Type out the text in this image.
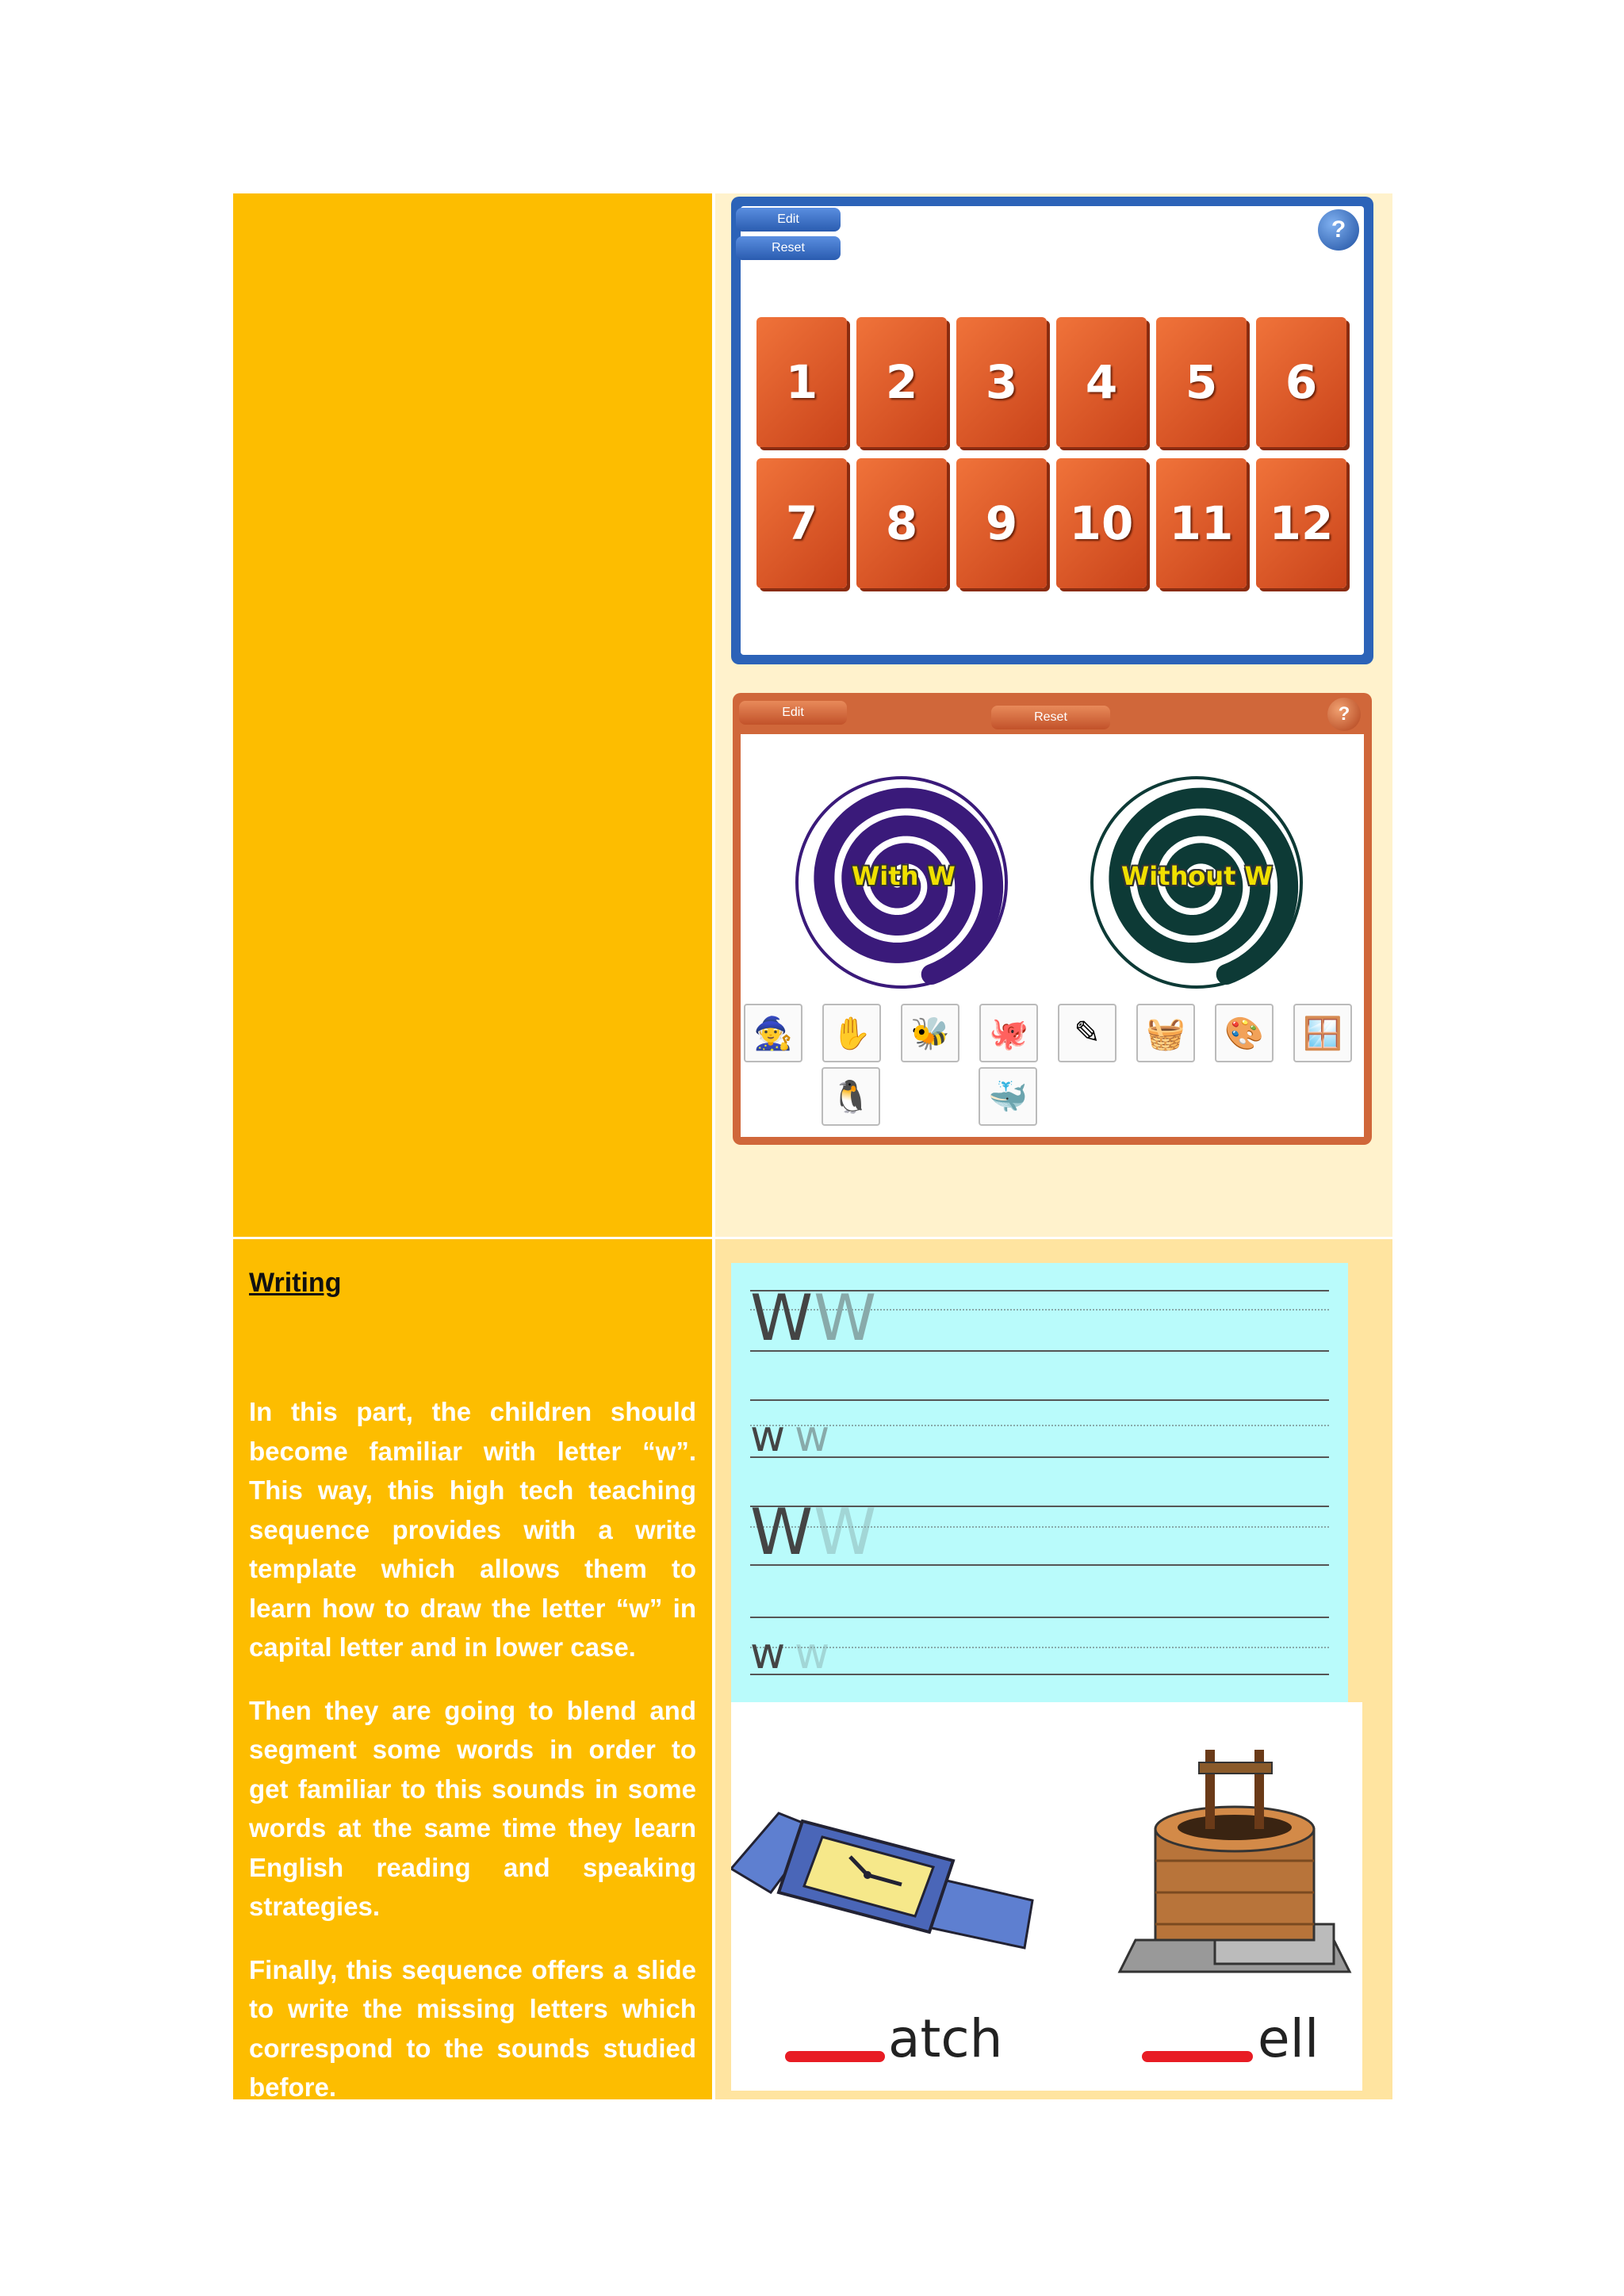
Edit
Reset
?
1	2	3	4	5	6
7	8	9	10 11 12
Edit	Reset	?
With W	Without W
🧙	✋	🐝	🐙	✎	🧺	🎨	🪟
🐧	🐳
Writing

In this part, the children should become familiar with letter “w”. This way, this high tech teaching sequence provides with a write template which allows them to learn how to draw the letter “w” in capital letter and in lower case.

Then they are going to blend and segment some words in order to get familiar to this sounds in some words at the same time they learn English reading and speaking strategies.

Finally, this sequence offers a slide to write the missing letters which correspond to the sounds studied before.

W W
w w
W W
w w
atch	ell
